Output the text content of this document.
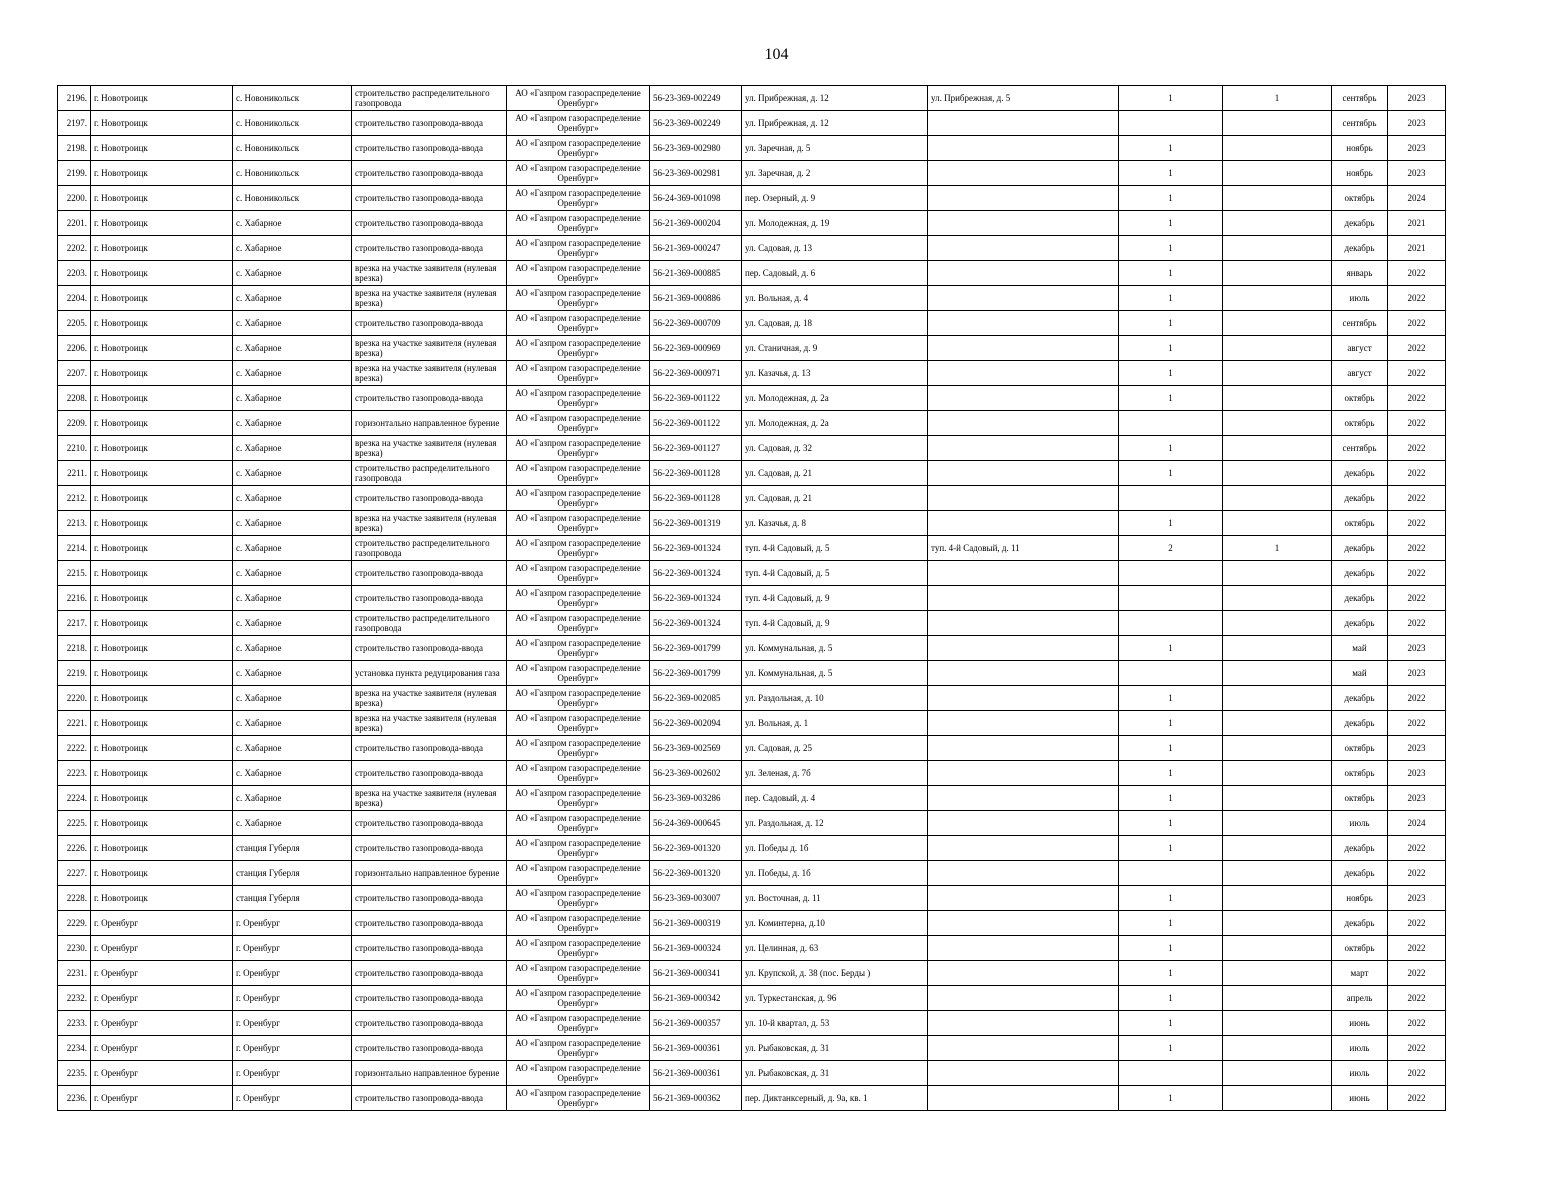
104
2196.	г. Новотроицк	с. Новоникольск	строительство распределительного газопровода	АО «Газпром газораспределение Оренбург»	56-23-369-002249	ул. Прибрежная, д. 12	ул. Прибрежная, д. 5	1	1	сентябрь	2023
2197.	г. Новотроицк	с. Новоникольск	строительство газопровода-ввода	АО «Газпром газораспределение Оренбург»	56-23-369-002249	ул. Прибрежная, д. 12				сентябрь	2023
2198.	г. Новотроицк	с. Новоникольск	строительство газопровода-ввода	АО «Газпром газораспределение Оренбург»	56-23-369-002980	ул. Заречная, д. 5		1		ноябрь	2023
2199.	г. Новотроицк	с. Новоникольск	строительство газопровода-ввода	АО «Газпром газораспределение Оренбург»	56-23-369-002981	ул. Заречная, д. 2		1		ноябрь	2023
2200.	г. Новотроицк	с. Новоникольск	строительство газопровода-ввода	АО «Газпром газораспределение Оренбург»	56-24-369-001098	пер. Озерный, д. 9		1		октябрь	2024
2201.	г. Новотроицк	с. Хабарное	строительство газопровода-ввода	АО «Газпром газораспределение Оренбург»	56-21-369-000204	ул. Молодежная, д. 19		1		декабрь	2021
2202.	г. Новотроицк	с. Хабарное	строительство газопровода-ввода	АО «Газпром газораспределение Оренбург»	56-21-369-000247	ул. Садовая, д. 13		1		декабрь	2021
2203.	г. Новотроицк	с. Хабарное	врезка на участке заявителя (нулевая врезка)	АО «Газпром газораспределение Оренбург»	56-21-369-000885	пер. Садовый, д. 6		1		январь	2022
2204.	г. Новотроицк	с. Хабарное	врезка на участке заявителя (нулевая врезка)	АО «Газпром газораспределение Оренбург»	56-21-369-000886	ул. Вольная, д. 4		1		июль	2022
2205.	г. Новотроицк	с. Хабарное	строительство газопровода-ввода	АО «Газпром газораспределение Оренбург»	56-22-369-000709	ул. Садовая, д. 18		1		сентябрь	2022
2206.	г. Новотроицк	с. Хабарное	врезка на участке заявителя (нулевая врезка)	АО «Газпром газораспределение Оренбург»	56-22-369-000969	ул. Станичная, д. 9		1		август	2022
2207.	г. Новотроицк	с. Хабарное	врезка на участке заявителя (нулевая врезка)	АО «Газпром газораспределение Оренбург»	56-22-369-000971	ул. Казачья, д. 13		1		август	2022
2208.	г. Новотроицк	с. Хабарное	строительство газопровода-ввода	АО «Газпром газораспределение Оренбург»	56-22-369-001122	ул. Молодежная, д. 2а		1		октябрь	2022
2209.	г. Новотроицк	с. Хабарное	горизонтально направленное бурение	АО «Газпром газораспределение Оренбург»	56-22-369-001122	ул. Молодежная, д. 2а				октябрь	2022
2210.	г. Новотроицк	с. Хабарное	врезка на участке заявителя (нулевая врезка)	АО «Газпром газораспределение Оренбург»	56-22-369-001127	ул. Садовая, д. 32		1		сентябрь	2022
2211.	г. Новотроицк	с. Хабарное	строительство распределительного газопровода	АО «Газпром газораспределение Оренбург»	56-22-369-001128	ул. Садовая, д. 21		1		декабрь	2022
2212.	г. Новотроицк	с. Хабарное	строительство газопровода-ввода	АО «Газпром газораспределение Оренбург»	56-22-369-001128	ул. Садовая, д. 21				декабрь	2022
2213.	г. Новотроицк	с. Хабарное	врезка на участке заявителя (нулевая врезка)	АО «Газпром газораспределение Оренбург»	56-22-369-001319	ул. Казачья, д. 8		1		октябрь	2022
2214.	г. Новотроицк	с. Хабарное	строительство распределительного газопровода	АО «Газпром газораспределение Оренбург»	56-22-369-001324	туп. 4-й Садовый, д. 5	туп. 4-й Садовый, д. 11	2	1	декабрь	2022
2215.	г. Новотроицк	с. Хабарное	строительство газопровода-ввода	АО «Газпром газораспределение Оренбург»	56-22-369-001324	туп. 4-й Садовый, д. 5				декабрь	2022
2216.	г. Новотроицк	с. Хабарное	строительство газопровода-ввода	АО «Газпром газораспределение Оренбург»	56-22-369-001324	туп. 4-й Садовый, д. 9				декабрь	2022
2217.	г. Новотроицк	с. Хабарное	строительство распределительного газопровода	АО «Газпром газораспределение Оренбург»	56-22-369-001324	туп. 4-й Садовый, д. 9				декабрь	2022
2218.	г. Новотроицк	с. Хабарное	строительство газопровода-ввода	АО «Газпром газораспределение Оренбург»	56-22-369-001799	ул. Коммунальная, д. 5		1		май	2023
2219.	г. Новотроицк	с. Хабарное	установка пункта редуцирования газа	АО «Газпром газораспределение Оренбург»	56-22-369-001799	ул. Коммунальная, д. 5				май	2023
2220.	г. Новотроицк	с. Хабарное	врезка на участке заявителя (нулевая врезка)	АО «Газпром газораспределение Оренбург»	56-22-369-002085	ул. Раздольная, д. 10		1		декабрь	2022
2221.	г. Новотроицк	с. Хабарное	врезка на участке заявителя (нулевая врезка)	АО «Газпром газораспределение Оренбург»	56-22-369-002094	ул. Вольная, д. 1		1		декабрь	2022
2222.	г. Новотроицк	с. Хабарное	строительство газопровода-ввода	АО «Газпром газораспределение Оренбург»	56-23-369-002569	ул. Садовая, д. 25		1		октябрь	2023
2223.	г. Новотроицк	с. Хабарное	строительство газопровода-ввода	АО «Газпром газораспределение Оренбург»	56-23-369-002602	ул. Зеленая, д. 7б		1		октябрь	2023
2224.	г. Новотроицк	с. Хабарное	врезка на участке заявителя (нулевая врезка)	АО «Газпром газораспределение Оренбург»	56-23-369-003286	пер. Садовый, д. 4		1		октябрь	2023
2225.	г. Новотроицк	с. Хабарное	строительство газопровода-ввода	АО «Газпром газораспределение Оренбург»	56-24-369-000645	ул. Раздольная, д. 12		1		июль	2024
2226.	г. Новотроицк	станция Губерля	строительство газопровода-ввода	АО «Газпром газораспределение Оренбург»	56-22-369-001320	ул. Победы д. 1б		1		декабрь	2022
2227.	г. Новотроицк	станция Губерля	горизонтально направленное бурение	АО «Газпром газораспределение Оренбург»	56-22-369-001320	ул. Победы, д. 1б				декабрь	2022
2228.	г. Новотроицк	станция Губерля	строительство газопровода-ввода	АО «Газпром газораспределение Оренбург»	56-23-369-003007	ул. Восточная, д. 11		1		ноябрь	2023
2229.	г. Оренбург	г. Оренбург	строительство газопровода-ввода	АО «Газпром газораспределение Оренбург»	56-21-369-000319	ул. Коминтерна, д.10		1		декабрь	2022
2230.	г. Оренбург	г. Оренбург	строительство газопровода-ввода	АО «Газпром газораспределение Оренбург»	56-21-369-000324	ул. Целинная, д. 63		1		октябрь	2022
2231.	г. Оренбург	г. Оренбург	строительство газопровода-ввода	АО «Газпром газораспределение Оренбург»	56-21-369-000341	ул. Крупской, д. 38 (пос. Берды )		1		март	2022
2232.	г. Оренбург	г. Оренбург	строительство газопровода-ввода	АО «Газпром газораспределение Оренбург»	56-21-369-000342	ул. Туркестанская, д. 96		1		апрель	2022
2233.	г. Оренбург	г. Оренбург	строительство газопровода-ввода	АО «Газпром газораспределение Оренбург»	56-21-369-000357	ул. 10-й квартал, д. 53		1		июнь	2022
2234.	г. Оренбург	г. Оренбург	строительство газопровода-ввода	АО «Газпром газораспределение Оренбург»	56-21-369-000361	ул. Рыбаковская, д. 31		1		июль	2022
2235.	г. Оренбург	г. Оренбург	горизонтально направленное бурение	АО «Газпром газораспределение Оренбург»	56-21-369-000361	ул. Рыбаковская, д. 31				июль	2022
2236.	г. Оренбург	г. Оренбург	строительство газопровода-ввода	АО «Газпром газораспределение Оренбург»	56-21-369-000362	пер. Диктанксерный, д. 9а, кв. 1		1		июнь	2022
